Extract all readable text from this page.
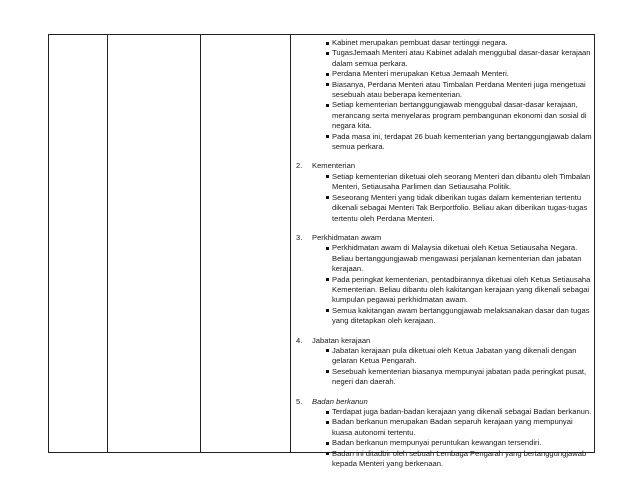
Kabinet merupakan pembuat dasar tertinggi negara.
TugasJemaah Menteri atau Kabinet adalah menggubal dasar-dasar kerajaan dalam semua perkara.
Perdana Menteri merupakan Ketua Jemaah Menteri.
Biasanya, Perdana Menteri atau Timbalan Perdana Menteri juga mengetuai sesebuah atau beberapa kementerian.
Setiap kementerian bertanggungjawab menggubal dasar-dasar kerajaan, merancang serta menyelaras program pembangunan ekonomi dan sosial di negara kita.
Pada masa ini, terdapat 26 buah kementerian yang bertanggungjawab dalam semua perkara.
2. Kementerian
Setiap kementerian diketuai oleh seorang Menteri dan dibantu oleh Timbalan Menteri, Setiausaha Parlimen dan Setiausaha Politik.
Seseorang Menteri yang tidak diberikan tugas dalam kementerian tertentu dikenali sebagai Menteri Tak Berportfolio. Beliau akan diberikan tugas-tugas tertentu oleh Perdana Menteri.
3. Perkhidmatan awam
Perkhidmatan awam di Malaysia diketuai oleh Ketua Setiausaha Negara. Beliau bertanggungjawab mengawasi perjalanan kementerian dan jabatan kerajaan.
Pada peringkat kementerian, pentadbirannya diketuai oleh Ketua Setiausaha Kementerian. Beliau dibantu oleh kakitangan kerajaan yang dikenali sebagai kumpulan pegawai perkhidmatan awam.
Semua kakitangan awam bertanggungjawab melaksanakan dasar dan tugas yang ditetapkan oleh kerajaan.
4. Jabatan kerajaan
Jabatan kerajaan pula diketuai oleh Ketua Jabatan yang dikenali dengan gelaran Ketua Pengarah.
Sesebuah kementerian biasanya mempunyai jabatan pada peringkat pusat, negeri dan daerah.
5. Badan berkanun
Terdapat juga badan-badan kerajaan yang dikenali sebagai Badan berkanun.
Badan berkanun merupakan Badan separuh kerajaan yang mempunyai kuasa autonomi tertentu.
Badan berkanun mempunyai peruntukan kewangan tersendiri.
Badan ini ditadbir oleh sebuah Lembaga Pengarah yang bertanggungjawab kepada Menteri yang berkenaan.
